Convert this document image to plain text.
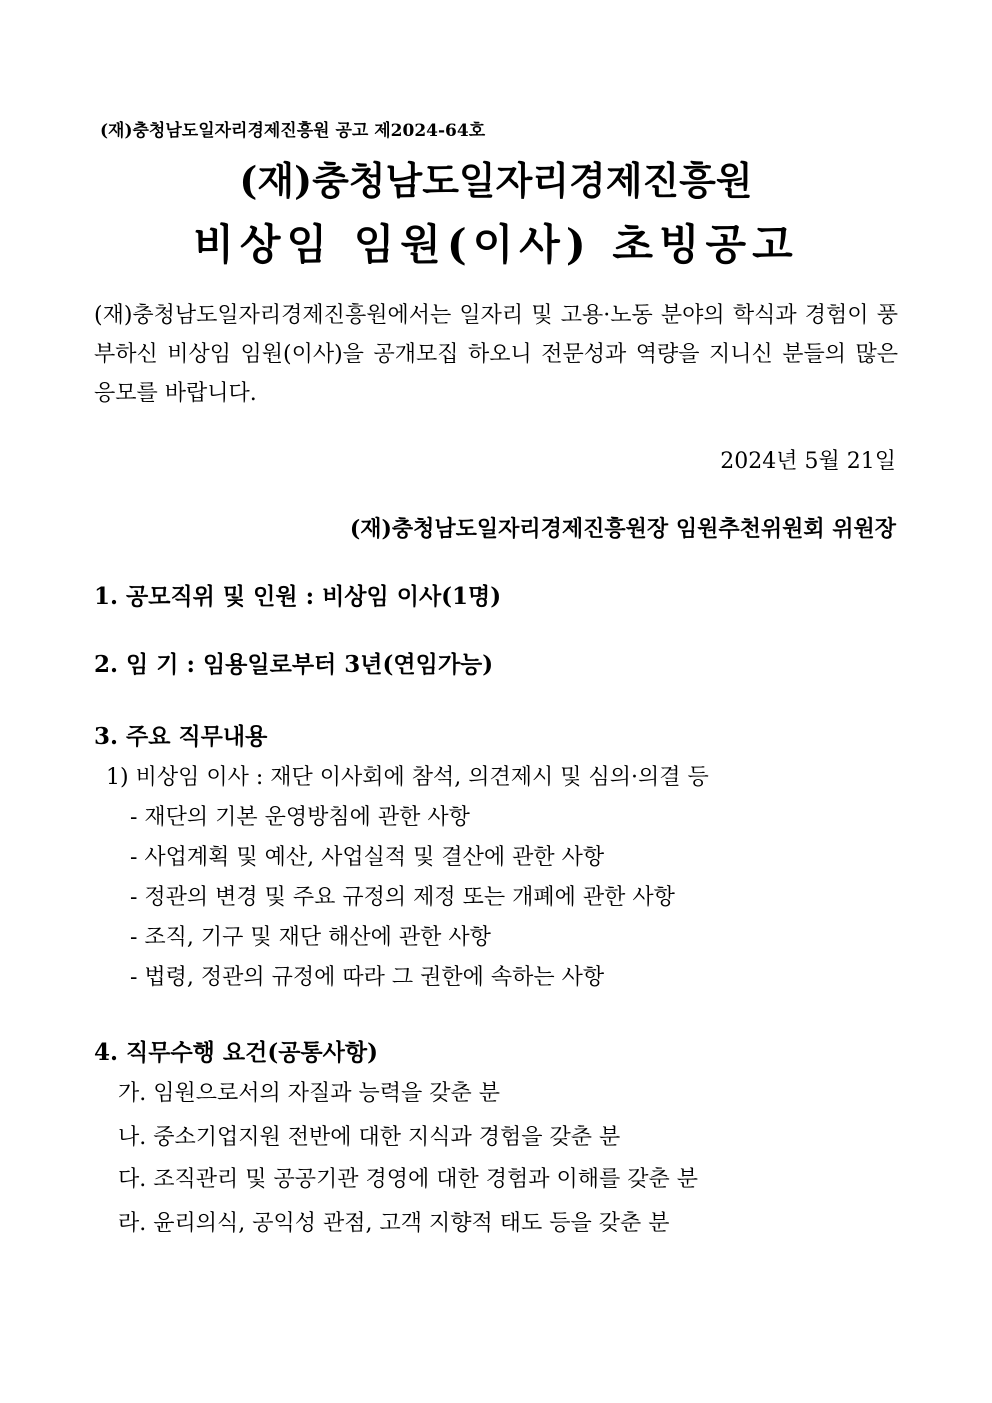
(재)충청남도일자리경제진흥원 공고 제2024-64호
(재)충청남도일자리경제진흥원
비상임 임원(이사) 초빙공고
(재)충청남도일자리경제진흥원에서는 일자리 및 고용·노동 분야의 학식과 경험이 풍부하신 비상임 임원(이사)을 공개모집 하오니 전문성과 역량을 지니신 분들의 많은 응모를 바랍니다.
2024년 5월 21일
(재)충청남도일자리경제진흥원장 임원추천위원회 위원장
1. 공모직위 및 인원 : 비상임 이사(1명)
2. 임 기 : 임용일로부터 3년(연임가능)
3. 주요 직무내용
1) 비상임 이사 : 재단 이사회에 참석, 의견제시 및 심의·의결 등
- 재단의 기본 운영방침에 관한 사항
- 사업계획 및 예산, 사업실적 및 결산에 관한 사항
- 정관의 변경 및 주요 규정의 제정 또는 개폐에 관한 사항
- 조직, 기구 및 재단 해산에 관한 사항
- 법령, 정관의 규정에 따라 그 권한에 속하는 사항
4. 직무수행 요건(공통사항)
가. 임원으로서의 자질과 능력을 갖춘 분
나. 중소기업지원 전반에 대한 지식과 경험을 갖춘 분
다. 조직관리 및 공공기관 경영에 대한 경험과 이해를 갖춘 분
라. 윤리의식, 공익성 관점, 고객 지향적 태도 등을 갖춘 분
